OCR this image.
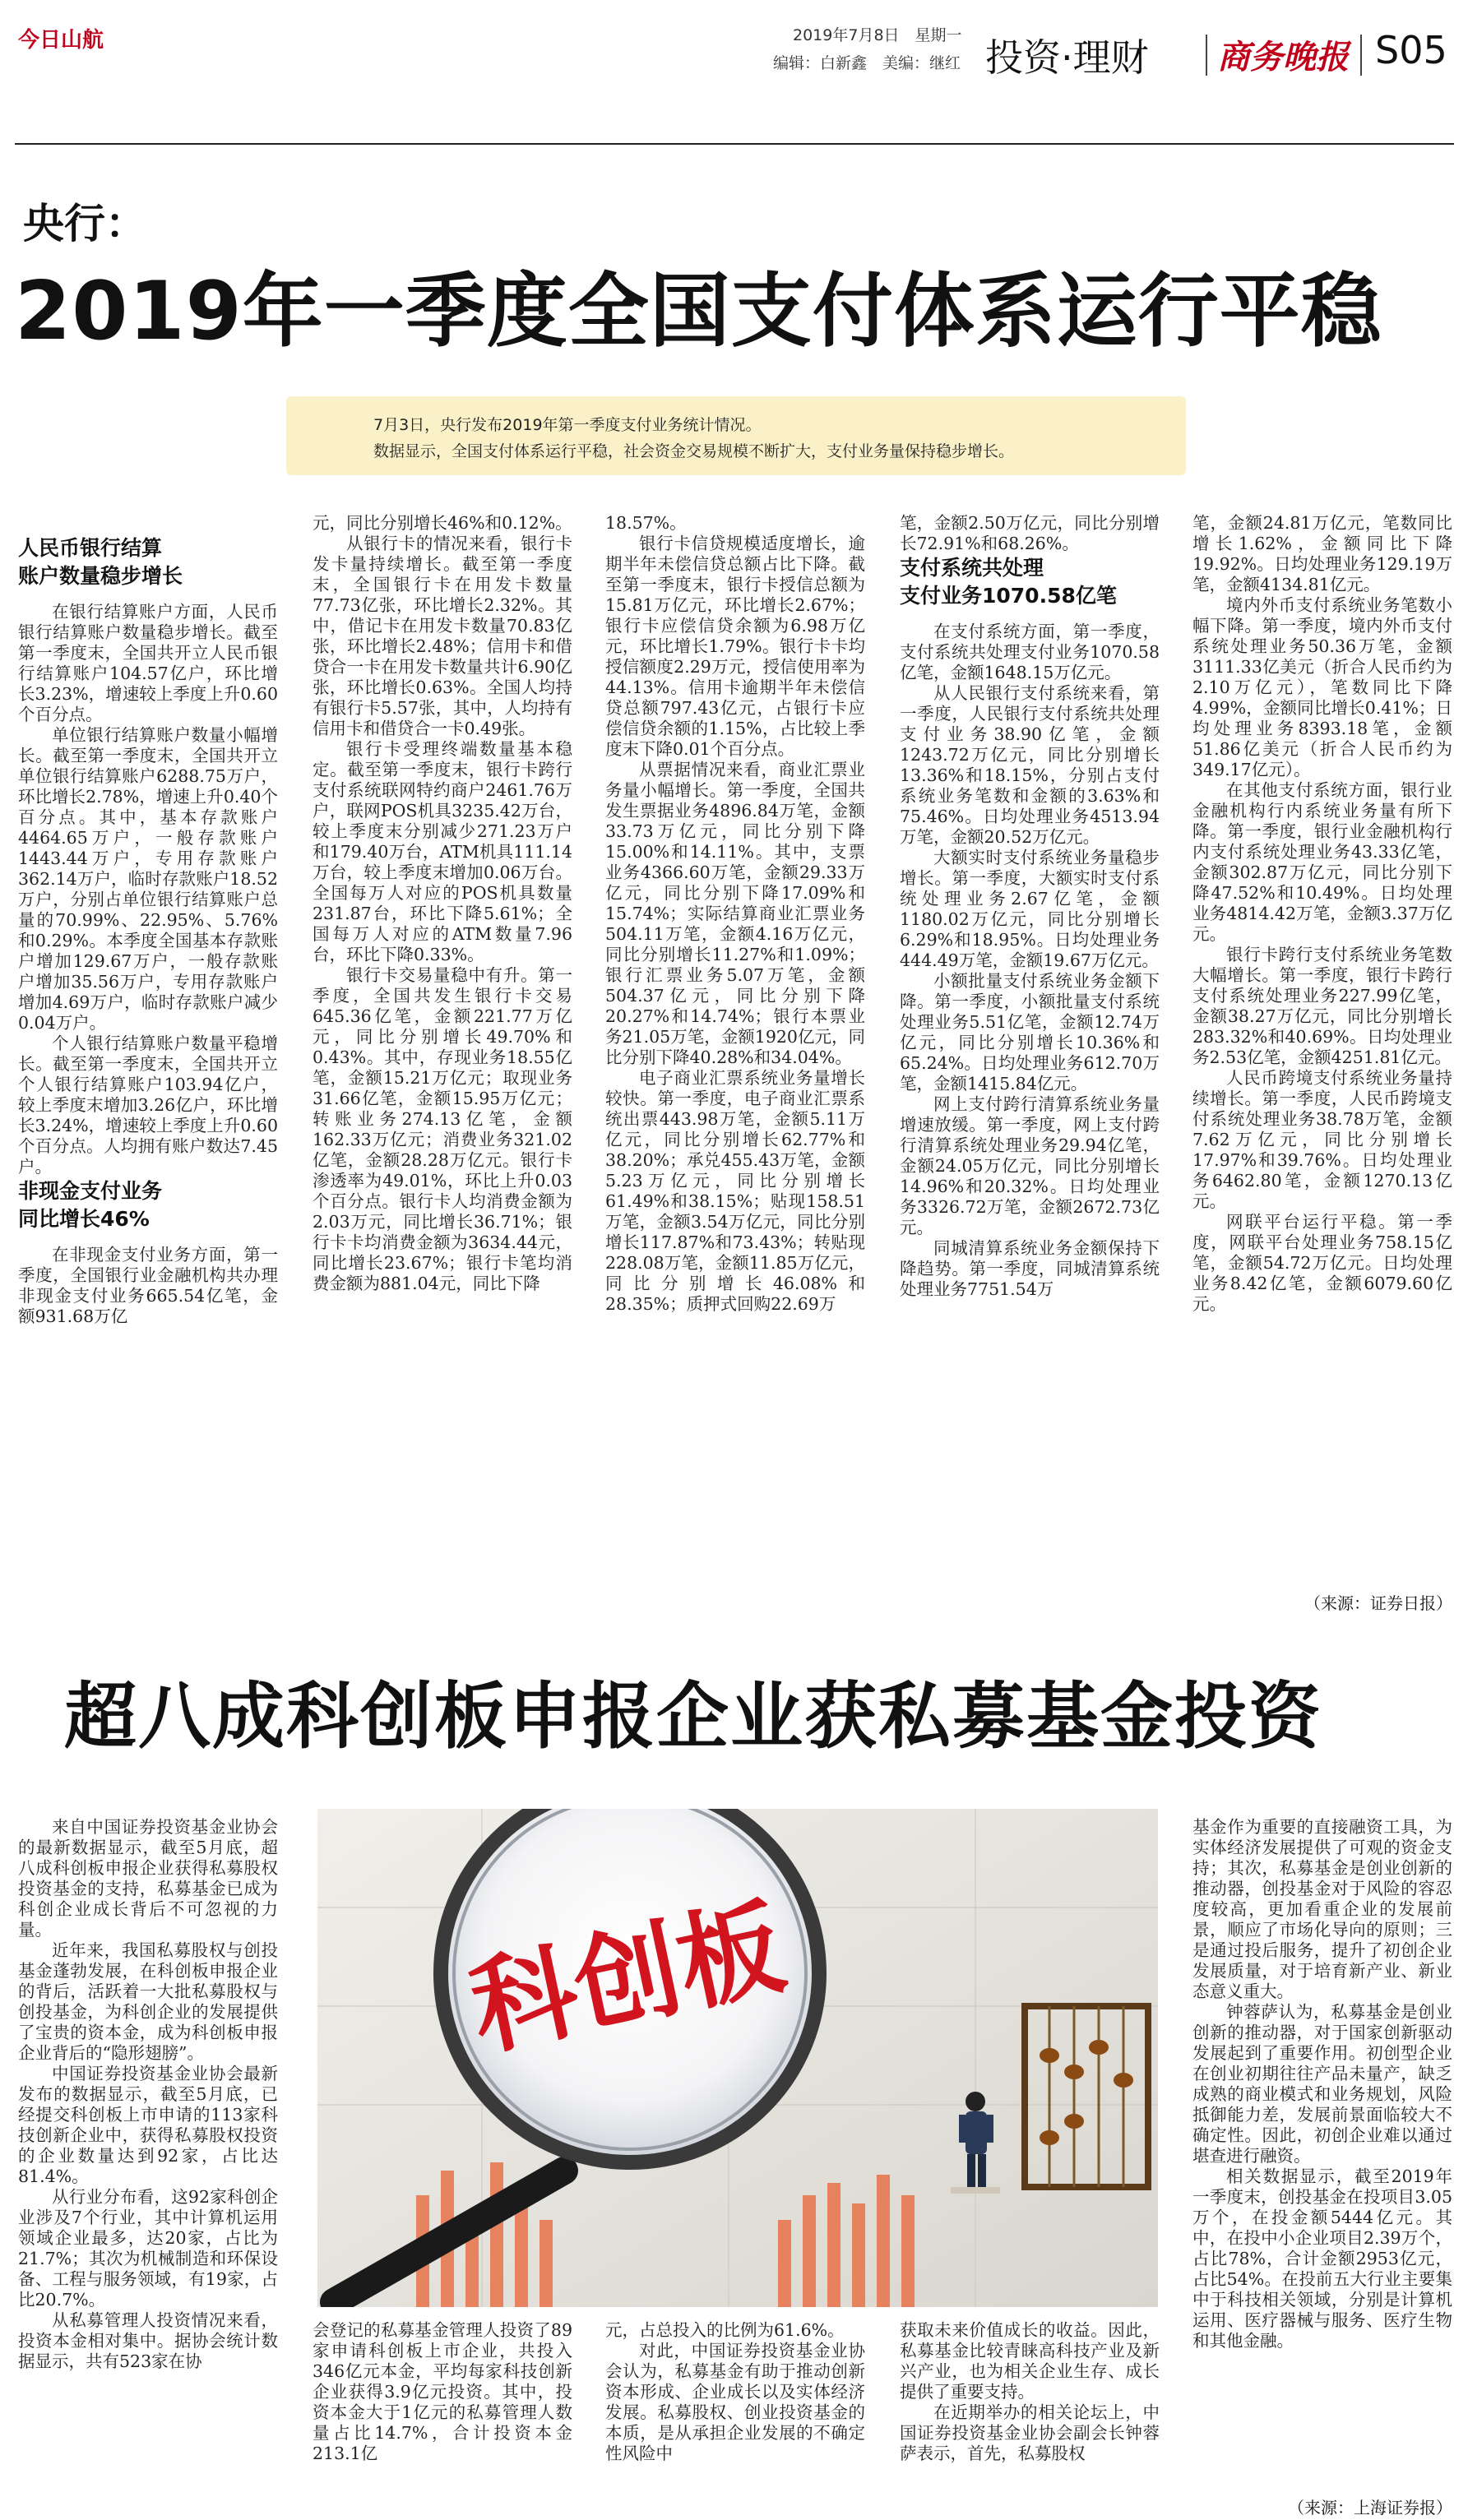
今日山航	2019年7月8日　星期一
编辑：白新鑫　美编：继红 投资·理财 商务晚报 S05
央行：
2019年一季度全国支付体系运行平稳

7月3日，央行发布2019年第一季度支付业务统计情况。

数据显示，全国支付体系运行平稳，社会资金交易规模不断扩大，支付业务量保持稳步增长。

人民币银行结算
账户数量稳步增长

在银行结算账户方面，人民币银行结算账户数量稳步增长。截至第一季度末，全国共开立人民币银行结算账户104.57亿户，环比增长3.23%，增速较上季度上升0.60个百分点。

单位银行结算账户数量小幅增长。截至第一季度末，全国共开立单位银行结算账户6288.75万户，环比增长2.78%，增速上升0.40个百分点。其中，基本存款账户4464.65万户，一般存款账户1443.44万户，专用存款账户362.14万户，临时存款账户18.52万户，分别占单位银行结算账户总量的70.99%、22.95%、5.76%和0.29%。本季度全国基本存款账户增加129.67万户，一般存款账户增加35.56万户，专用存款账户增加4.69万户，临时存款账户减少0.04万户。

个人银行结算账户数量平稳增长。截至第一季度末，全国共开立个人银行结算账户103.94亿户，较上季度末增加3.26亿户，环比增长3.24%，增速较上季度上升0.60个百分点。人均拥有账户数达7.45户。

非现金支付业务
同比增长46%

在非现金支付业务方面，第一季度，全国银行业金融机构共办理非现金支付业务665.54亿笔，金额931.68万亿

元，同比分别增长46%和0.12%。

从银行卡的情况来看，银行卡发卡量持续增长。截至第一季度末，全国银行卡在用发卡数量77.73亿张，环比增长2.32%。其中，借记卡在用发卡数量70.83亿张，环比增长2.48%；信用卡和借贷合一卡在用发卡数量共计6.90亿张，环比增长0.63%。全国人均持有银行卡5.57张，其中，人均持有信用卡和借贷合一卡0.49张。

银行卡受理终端数量基本稳定。截至第一季度末，银行卡跨行支付系统联网特约商户2461.76万户，联网POS机具3235.42万台，较上季度末分别减少271.23万户和179.40万台，ATM机具111.14万台，较上季度末增加0.06万台。全国每万人对应的POS机具数量231.87台，环比下降5.61%；全国每万人对应的ATM数量7.96台，环比下降0.33%。

银行卡交易量稳中有升。第一季度，全国共发生银行卡交易645.36亿笔，金额221.77万亿元，同比分别增长49.70%和0.43%。其中，存现业务18.55亿笔，金额15.21万亿元；取现业务31.66亿笔，金额15.95万亿元；转账业务274.13亿笔，金额162.33万亿元；消费业务321.02亿笔，金额28.28万亿元。银行卡渗透率为49.01%，环比上升0.03个百分点。银行卡人均消费金额为2.03万元，同比增长36.71%；银行卡卡均消费金额为3634.44元，同比增长23.67%；银行卡笔均消费金额为881.04元，同比下降

18.57%。

银行卡信贷规模适度增长，逾期半年未偿信贷总额占比下降。截至第一季度末，银行卡授信总额为15.81万亿元，环比增长2.67%；银行卡应偿信贷余额为6.98万亿元，环比增长1.79%。银行卡卡均授信额度2.29万元，授信使用率为44.13%。信用卡逾期半年未偿信贷总额797.43亿元，占银行卡应偿信贷余额的1.15%，占比较上季度末下降0.01个百分点。

从票据情况来看，商业汇票业务量小幅增长。第一季度，全国共发生票据业务4896.84万笔，金额33.73万亿元，同比分别下降15.00%和14.11%。其中，支票业务4366.60万笔，金额29.33万亿元，同比分别下降17.09%和15.74%；实际结算商业汇票业务504.11万笔，金额4.16万亿元，同比分别增长11.27%和1.09%；银行汇票业务5.07万笔，金额504.37亿元，同比分别下降20.27%和14.74%；银行本票业务21.05万笔，金额1920亿元，同比分别下降40.28%和34.04%。

电子商业汇票系统业务量增长较快。第一季度，电子商业汇票系统出票443.98万笔，金额5.11万亿元，同比分别增长62.77%和38.20%；承兑455.43万笔，金额5.23万亿元，同比分别增长61.49%和38.15%；贴现158.51万笔，金额3.54万亿元，同比分别增长117.87%和73.43%；转贴现228.08万笔，金额11.85万亿元，同比分别增长46.08%和28.35%；质押式回购22.69万

笔，金额2.50万亿元，同比分别增长72.91%和68.26%。

支付系统共处理
支付业务1070.58亿笔

在支付系统方面，第一季度，支付系统共处理支付业务1070.58亿笔，金额1648.15万亿元。

从人民银行支付系统来看，第一季度，人民银行支付系统共处理支付业务38.90亿笔，金额1243.72万亿元，同比分别增长13.36%和18.15%，分别占支付系统业务笔数和金额的3.63%和75.46%。日均处理业务4513.94万笔，金额20.52万亿元。

大额实时支付系统业务量稳步增长。第一季度，大额实时支付系统处理业务2.67亿笔，金额1180.02万亿元，同比分别增长6.29%和18.95%。日均处理业务444.49万笔，金额19.67万亿元。

小额批量支付系统业务金额下降。第一季度，小额批量支付系统处理业务5.51亿笔，金额12.74万亿元，同比分别增长10.36%和65.24%。日均处理业务612.70万笔，金额1415.84亿元。

网上支付跨行清算系统业务量增速放缓。第一季度，网上支付跨行清算系统处理业务29.94亿笔，金额24.05万亿元，同比分别增长14.96%和20.32%。日均处理业务3326.72万笔，金额2672.73亿元。

同城清算系统业务金额保持下降趋势。第一季度，同城清算系统处理业务7751.54万

笔，金额24.81万亿元，笔数同比增长1.62%，金额同比下降19.92%。日均处理业务129.19万笔，金额4134.81亿元。

境内外币支付系统业务笔数小幅下降。第一季度，境内外币支付系统处理业务50.36万笔，金额3111.33亿美元（折合人民币约为2.10万亿元），笔数同比下降4.99%，金额同比增长0.41%；日均处理业务8393.18笔，金额51.86亿美元（折合人民币约为349.17亿元）。

在其他支付系统方面，银行业金融机构行内系统业务量有所下降。第一季度，银行业金融机构行内支付系统处理业务43.33亿笔，金额302.87万亿元，同比分别下降47.52%和10.49%。日均处理业务4814.42万笔，金额3.37万亿元。

银行卡跨行支付系统业务笔数大幅增长。第一季度，银行卡跨行支付系统处理业务227.99亿笔，金额38.27万亿元，同比分别增长283.32%和40.69%。日均处理业务2.53亿笔，金额4251.81亿元。

人民币跨境支付系统业务量持续增长。第一季度，人民币跨境支付系统处理业务38.78万笔，金额7.62万亿元，同比分别增长17.97%和39.76%。日均处理业务6462.80笔，金额1270.13亿元。

网联平台运行平稳。第一季度，网联平台处理业务758.15亿笔，金额54.72万亿元。日均处理业务8.42亿笔，金额6079.60亿元。

（来源：证券日报）
超八成科创板申报企业获私募基金投资
科创板

来自中国证券投资基金业协会的最新数据显示，截至5月底，超八成科创板申报企业获得私募股权投资基金的支持，私募基金已成为科创企业成长背后不可忽视的力量。

近年来，我国私募股权与创投基金蓬勃发展，在科创板申报企业的背后，活跃着一大批私募股权与创投基金，为科创企业的发展提供了宝贵的资本金，成为科创板申报企业背后的“隐形翅膀”。

中国证券投资基金业协会最新发布的数据显示，截至5月底，已经提交科创板上市申请的113家科技创新企业中，获得私募股权投资的企业数量达到92家，占比达81.4%。

从行业分布看，这92家科创企业涉及7个行业，其中计算机运用领域企业最多，达20家，占比为21.7%；其次为机械制造和环保设备、工程与服务领域，有19家，占比20.7%。

从私募管理人投资情况来看，投资本金相对集中。据协会统计数据显示，共有523家在协

会登记的私募基金管理人投资了89家申请科创板上市企业，共投入346亿元本金，平均每家科技创新企业获得3.9亿元投资。其中，投资本金大于1亿元的私募管理人数量占比14.7%，合计投资本金213.1亿

元，占总投入的比例为61.6%。

对此，中国证券投资基金业协会认为，私募基金有助于推动创新资本形成、企业成长以及实体经济发展。私募股权、创业投资基金的本质，是从承担企业发展的不确定性风险中

获取未来价值成长的收益。因此，私募基金比较青睐高科技产业及新兴产业，也为相关企业生存、成长提供了重要支持。

在近期举办的相关论坛上，中国证券投资基金业协会副会长钟蓉萨表示，首先，私募股权

基金作为重要的直接融资工具，为实体经济发展提供了可观的资金支持；其次，私募基金是创业创新的推动器，创投基金对于风险的容忍度较高，更加看重企业的发展前景，顺应了市场化导向的原则；三是通过投后服务，提升了初创企业发展质量，对于培育新产业、新业态意义重大。

钟蓉萨认为，私募基金是创业创新的推动器，对于国家创新驱动发展起到了重要作用。初创型企业在创业初期往往产品未量产，缺乏成熟的商业模式和业务规划，风险抵御能力差，发展前景面临较大不确定性。因此，初创企业难以通过堪查进行融资。

相关数据显示，截至2019年一季度末，创投基金在投项目3.05万个，在投金额5444亿元。其中，在投中小企业项目2.39万个，占比78%，合计金额2953亿元，占比54%。在投前五大行业主要集中于科技相关领域，分别是计算机运用、医疗器械与服务、医疗生物和其他金融。

（来源：上海证券报）
